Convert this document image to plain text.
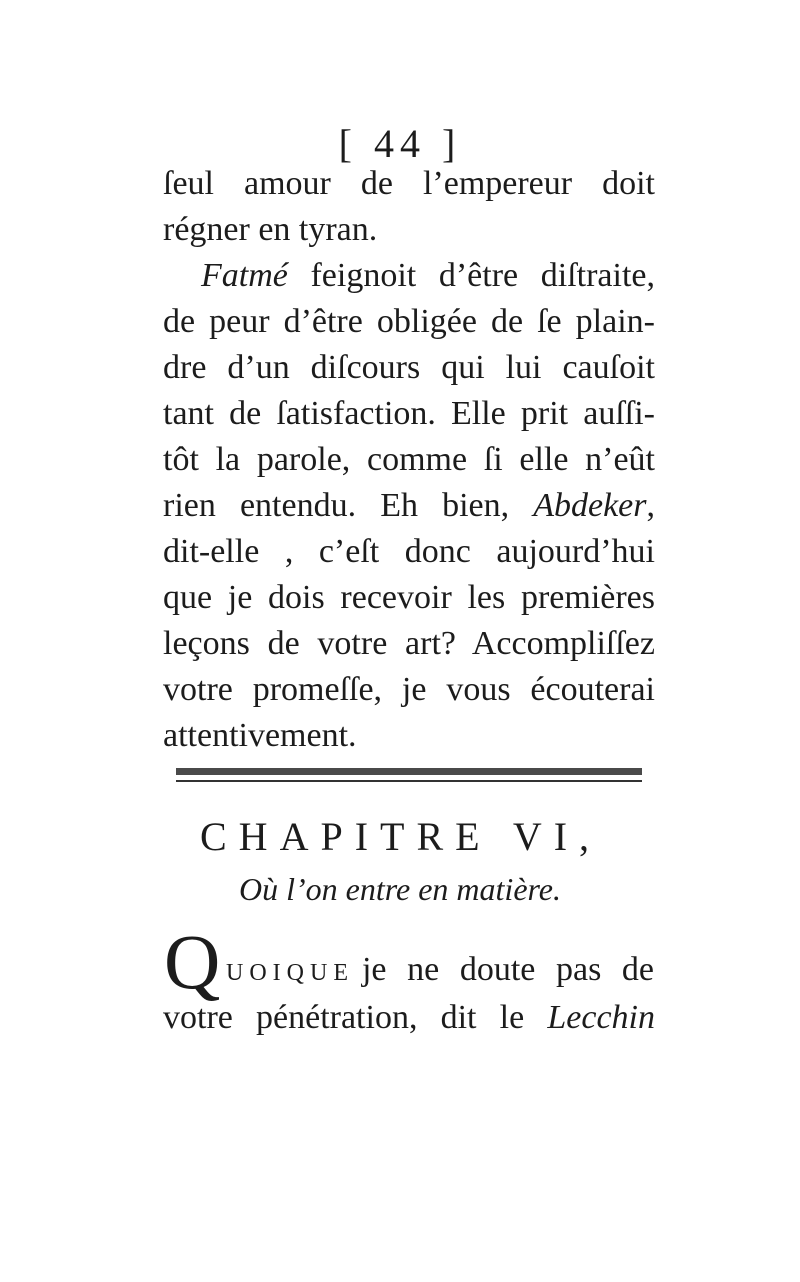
[ 44 ]
ſeul amour de l’empereur doit
régner en tyran.
Fatmé feignoit d’être diſtraite,
de peur d’être obligée de ſe plain-
dre d’un diſcours qui lui cauſoit
tant de ſatisfaction. Elle prit auſſi-
tôt la parole, comme ſi elle n’eût
rien entendu. Eh bien, Abdeker,
dit-elle , c’eſt donc aujourd’hui
que je dois recevoir les premières
leçons de votre art? Accompliſſez
votre promeſſe, je vous écouterai
attentivement.
CHAPITRE VI,
Où l’on entre en matière.
Q UOIQUE je ne doute pas de
votre pénétration, dit le Lecchin
